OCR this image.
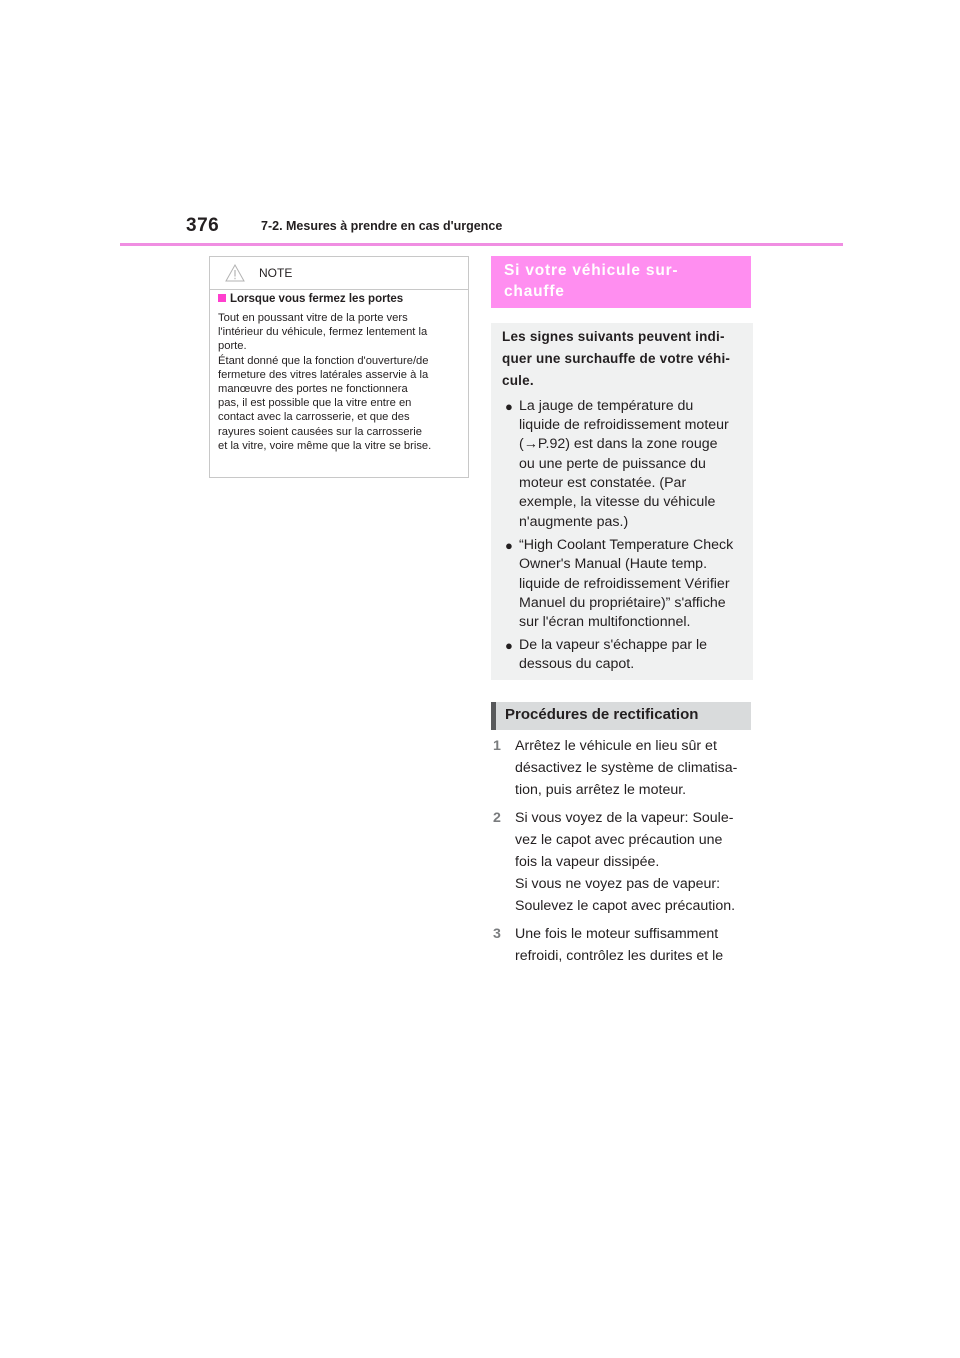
376	7-2. Mesures à prendre en cas d'urgence
NOTE
Lorsque vous fermez les portes
Tout en poussant vitre de la porte vers
l'intérieur du véhicule, fermez lentement la
porte.
Étant donné que la fonction d'ouverture/de
fermeture des vitres latérales asservie à la
manœuvre des portes ne fonctionnera
pas, il est possible que la vitre entre en
contact avec la carrosserie, et que des
rayures soient causées sur la carrosserie
et la vitre, voire même que la vitre se brise.
Si votre véhicule sur-
chauffe
Les signes suivants peuvent indi-
quer une surchauffe de votre véhi-
cule.
● La jauge de température du
liquide de refroidissement moteur
(→P.92) est dans la zone rouge
ou une perte de puissance du
moteur est constatée. (Par
exemple, la vitesse du véhicule
n'augmente pas.)
● “High Coolant Temperature Check
Owner's Manual (Haute temp.
liquide de refroidissement Vérifier
Manuel du propriétaire)” s'affiche
sur l'écran multifonctionnel.
● De la vapeur s'échappe par le
dessous du capot.
Procédures de rectification
1 Arrêtez le véhicule en lieu sûr et
désactivez le système de climatisa-
tion, puis arrêtez le moteur.
2 Si vous voyez de la vapeur: Soule-
vez le capot avec précaution une
fois la vapeur dissipée.
Si vous ne voyez pas de vapeur:
Soulevez le capot avec précaution.
3 Une fois le moteur suffisamment
refroidi, contrôlez les durites et le
